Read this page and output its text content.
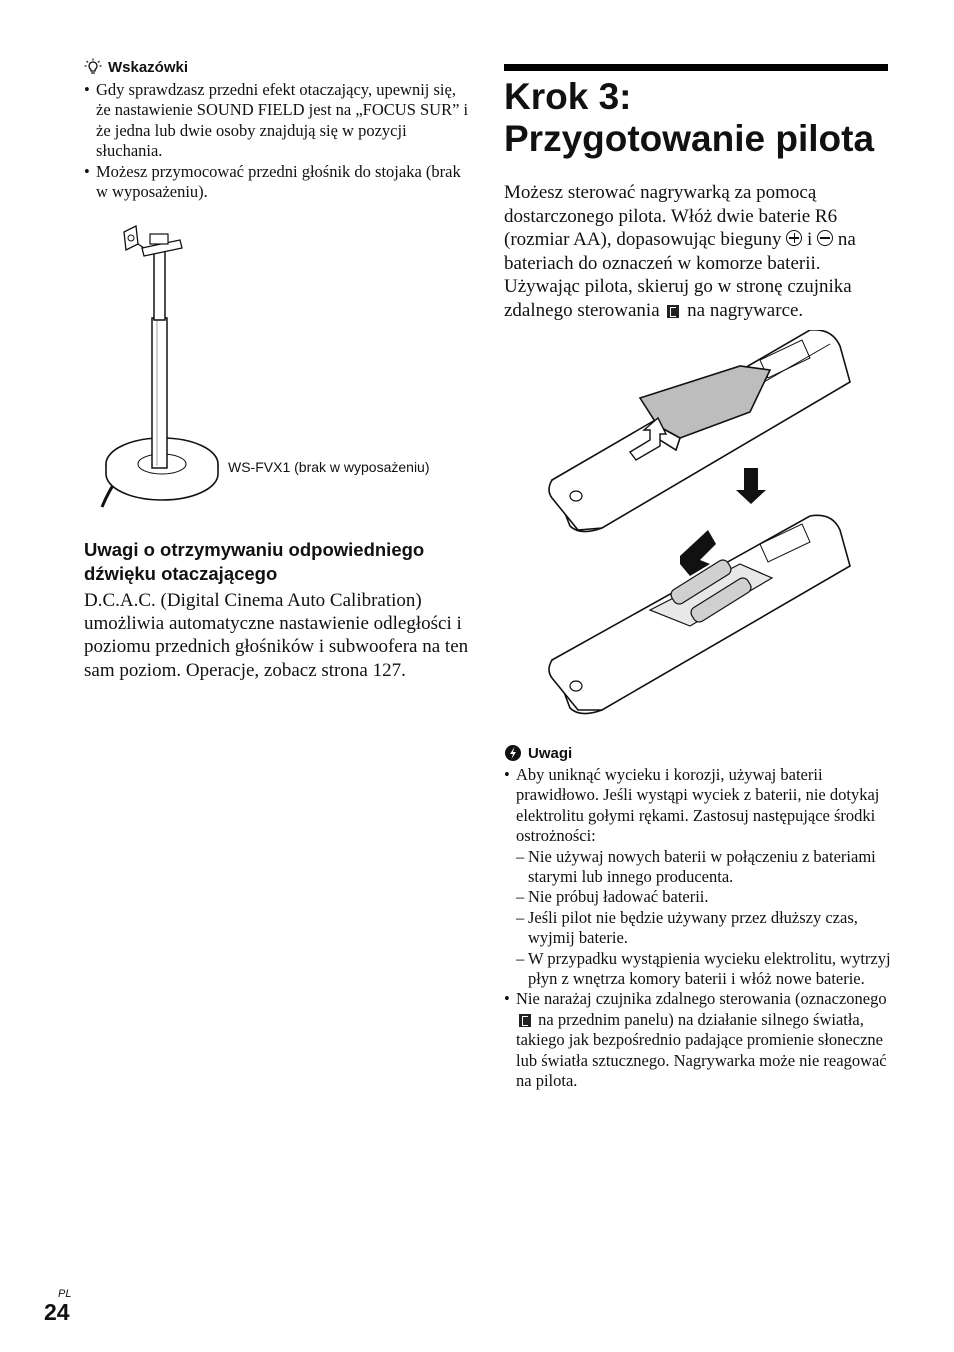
Wskazówki
• Gdy sprawdzasz przedni efekt otaczający, upewnij się, że nastawienie SOUND FIELD jest na „FOCUS SUR” i że jedna lub dwie osoby znajdują się w pozycji słuchania.
• Możesz przymocować przedni głośnik do stojaka (brak w wyposażeniu).
WS-FVX1 (brak w wyposażeniu)
Uwagi o otrzymywaniu odpowiedniego dźwięku otaczającego
D.C.A.C. (Digital Cinema Auto Calibration) umożliwia automatyczne nastawienie odległości i poziomu przednich głośników i subwoofera na ten sam poziom. Operacje, zobacz strona 127.
Krok 3: Przygotowanie pilota
Możesz sterować nagrywarką za pomocą dostarczonego pilota. Włóż dwie baterie R6 (rozmiar AA), dopasowując bieguny i na bateriach do oznaczeń w komorze baterii. Używając pilota, skieruj go w stronę czujnika zdalnego sterowania na nagrywarce.
Uwagi
• Aby uniknąć wycieku i korozji, używaj baterii prawidłowo. Jeśli wystąpi wyciek z baterii, nie dotykaj elektrolitu gołymi rękami. Zastosuj następujące środki ostrożności:
– Nie używaj nowych baterii w połączeniu z bateriami starymi lub innego producenta.
– Nie próbuj ładować baterii.
– Jeśli pilot nie będzie używany przez dłuższy czas, wyjmij baterie.
– W przypadku wystąpienia wycieku elektrolitu, wytrzyj płyn z wnętrza komory baterii i włóż nowe baterie.
• Nie narażaj czujnika zdalnego sterowania (oznaczonego  na przednim panelu) na działanie silnego światła, takiego jak bezpośrednio padające promienie słoneczne lub światła sztucznego. Nagrywarka może nie reagować na pilota.
PL
24
